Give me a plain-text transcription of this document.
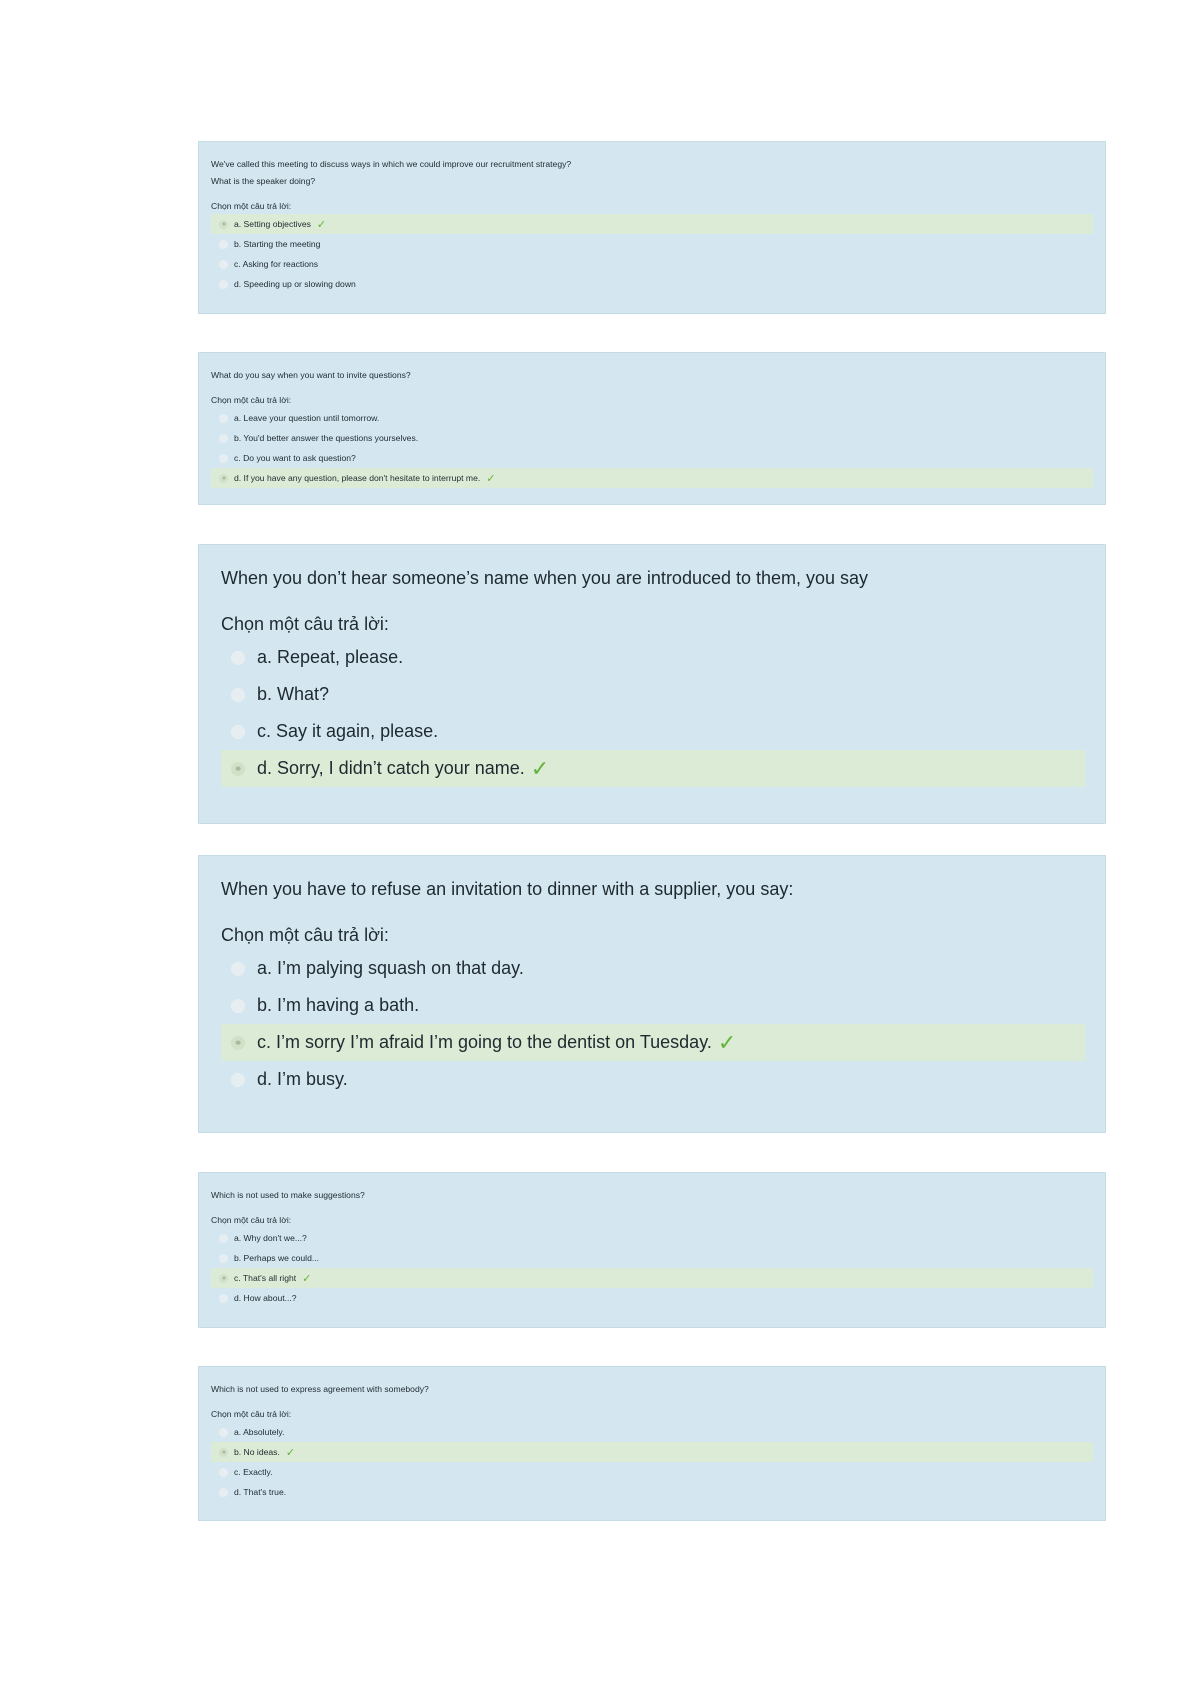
We've called this meeting to discuss ways in which we could improve our recruitment strategy?
What is the speaker doing?

Chọn một câu trả lời:
a. Setting objectives ✓
b. Starting the meeting
c. Asking for reactions
d. Speeding up or slowing down

What do you say when you want to invite questions?

Chọn một câu trả lời:
a. Leave your question until tomorrow.
b. You'd better answer the questions yourselves.
c. Do you want to ask question?
d. If you have any question, please don't hesitate to interrupt me. ✓

When you don’t hear someone’s name when you are introduced to them, you say

Chọn một câu trả lời:
a. Repeat, please.
b. What?
c. Say it again, please.
d. Sorry, I didn’t catch your name. ✓

When you have to refuse an invitation to dinner with a supplier, you say:

Chọn một câu trả lời:
a. I’m palying squash on that day.
b. I’m having a bath.
c. I’m sorry I’m afraid I’m going to the dentist on Tuesday. ✓
d. I’m busy.

Which is not used to make suggestions?

Chọn một câu trả lời:
a. Why don't we...?
b. Perhaps we could...
c. That's all right ✓
d. How about...?

Which is not used to express agreement with somebody?

Chọn một câu trả lời:
a. Absolutely.
b. No ideas. ✓
c. Exactly.
d. That's true.
